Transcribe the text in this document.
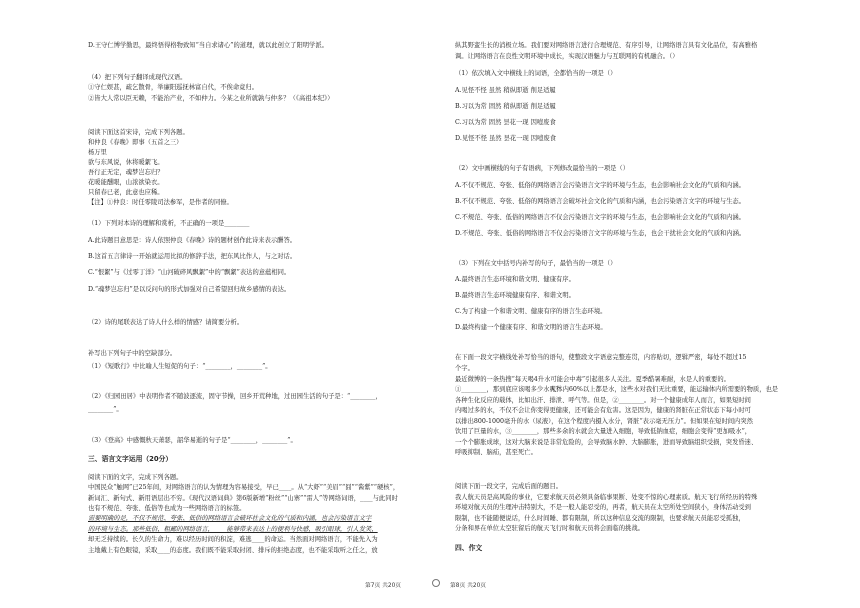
D.王守仁博学勤思，最终悟得格物致知“当自求诸心”的道理，就以此创立了阳明学派。
（4）把下列句子翻译成现代汉语。
①守仁娱甚，疏乞散骨，举廉阳巡抚林富自代，不俟命竟归。
②皆大人常以臣无赖，不能治产业，不如仲力。今某之业所就孰与仲多？（《高祖本纪》）
阅读下面这首宋诗，完成下列各题。
和仲良《春晚》即事（五首之三）
杨万里
欲与东风说，休将暖絮飞。
吾行正无定，魂梦岂忘归？
花暖能醺眼，山浓欲染衣。
只留春已老，此意也应稀。
【注】①仲良：时任零陵司法参军，是作者的同僚。
（1）下列对本诗的理解和赏析，不正确的一项是________
A.此诗题目意思是：诗人依照仲良《春晚》诗的题材创作此诗来表示酬答。
B.这首五言律诗一开始就运用比拟的修辞手法，把东风比作人，与之对话。
C.“恨絮”与《过零丁洋》“山河破碎风飘絮”中的“飘絮”表达的意蕴相同。
D.“魂梦岂忘归”是以反问句的形式加强对自己希望回归故乡感情的表达。
（2）诗的尾联表达了诗人什么样的情感？请简要分析。
补写出下列句子中的空缺部分。
（1）《短歌行》中比喻人生短促的句子：“________，________”。
（2）《归园田居》中表明作者不随波逐流，固守节操，回乡开荒种地，过田园生活的句子是：“________，
________”。
（3）《登高》中感慨秋天萧瑟，韶华易逝的句子是“________，________”。
阅读下面的文字，完成下列各题。
中国民众“触网”已25年间，对网络语言的认为情理为容易接受，早已____。从“大虾”“美眉”“囧”“酱紫”“硬核”，
新词汇、新句式、新用语层出不穷。《现代汉语词典》第6版新增“粉丝”“山寨”“雷人”等网络词语，____与此同时
也有不规范、夸张、低俗等也成为一些网络语言的标签。
需要明确的是，不仅不规范、夸张、低俗的网络语言会破坏社会文化的气质和内涵，也会污染语言文字
的环境与生态。那些低俗、粗鄙的网络语言，____能够带来表达上的便利与快感，吸引眼球，引人发笑，
却无乏持续的。长久的生命力，难以经历时间的积淀，难逃____的命运。当然面对网络语言，不能先入为
主地戴上有色眼镜，采取____的态度。我们既不能采取封闭、排斥的拒绝态度，也不能采取听之任之，放
三、语言文字运用（20分）
纵其野蛮生长的消极立场。我们要对网络语言进行合理规范、有序引导，让网络语言具有文化品位，有高雅格
调。让网络语言在良性文明环境中成长，实现汉语魅力与互联网的有机融合。（）
（1）依次填入文中横线上的词语，全都恰当的一项是（）
A.见怪不怪 虽然 稍纵即逝 削足适履
B.习以为常 固然 稍纵即逝 削足适履
C.习以为常 固然 昙花一现 因噎废食
D.见怪不怪 虽然 昙花一现 因噎废食
（2）文中画横线的句子有语病，下列修改最恰当的一项是（）
A.不仅不规范、夸张、低俗的网络语言会污染语言文字的环境与生态，也会影响社会文化的气质和内涵。
B.不仅不规范、夸张、低俗的网络语言会破坏社会文化的气质和内涵，也会污染语言文字的环境与生态。
C.不规范、夸张、低俗的网络语言不仅会污染语言文字的环境与生态，也会影响社会文化的气质和内涵。
D.不规范、夸张、低俗的网络语言不仅会污染语言文字的环境与生态，也会干扰社会文化的气质和内涵。
（3）下列在文中括号内补写的句子，最恰当的一项是（）
A.最终语言生态环境和谐文明、健康有序。
B.最终语言生态环境健康有序、和谐文明。
C.为了构建一个和谐文明、健康有序的语言生态环境。
D.最终构建一个健康有序、和谐文明的语言生态环境。
在下面一段文字横线处补写恰当的语句，使整段文字语意完整连贯，内容贴切，逻辑严密，每处不超过15
个字。
最近微博的一条热搜“每天喝4升水可能会中毒”引起很多人关注。夏季酷暑难耐，水是人的重要的。
①________，那到底应该喝多少水呢？
人体内60%以上都是水，这些水对我们无比重要，能运输体内所需要的物质，也是
各种生化反应的载体，比如出汗、排泄、呼气等。但是，②________。对一个健康成年人而言，如果短时间
内喝过多的水，不仅不会让你变得更健康，还可能会有危害。这是因为，健康的肾脏在正常状态下每小时可
以排出800-1000毫升的水（尿液），在这个程度内摄入水分，肾脏“表示毫无压力”。但如果在短时间内突然
饮用了巨量的水，③________，那些多余的水就会大量进入细胞，导致低钠血症，细胞会变得“更加吸水”，
一个个膨胀成球，这对大脑来说是非常危险的，会导致脑水肿、大脑膨胀，进而导致脑组织受损，突发昏迷、
呼吸抑制、脑疝，甚至死亡。
阅读下面一段文字，完成后面的题目。
我人航天员是高风险的事业，它要求航天员必须具备临事果断、处变不惊的心理素质。航天飞行所经历的特殊
环境对航天员的生理冲击特别大，不是一般人能忍受的，再者，航天员在太空所处空间狭小，身体活动受到
限制，也不能随便说话，什么时间睡、都有限制，所以这种信息交流的限制，也要求航天员能忍受孤独，
分条和界在单位太空驻留后的航天飞行时和航天员将会面临的挑战。
四、作文
第7页 共20页	第8页 共20页
